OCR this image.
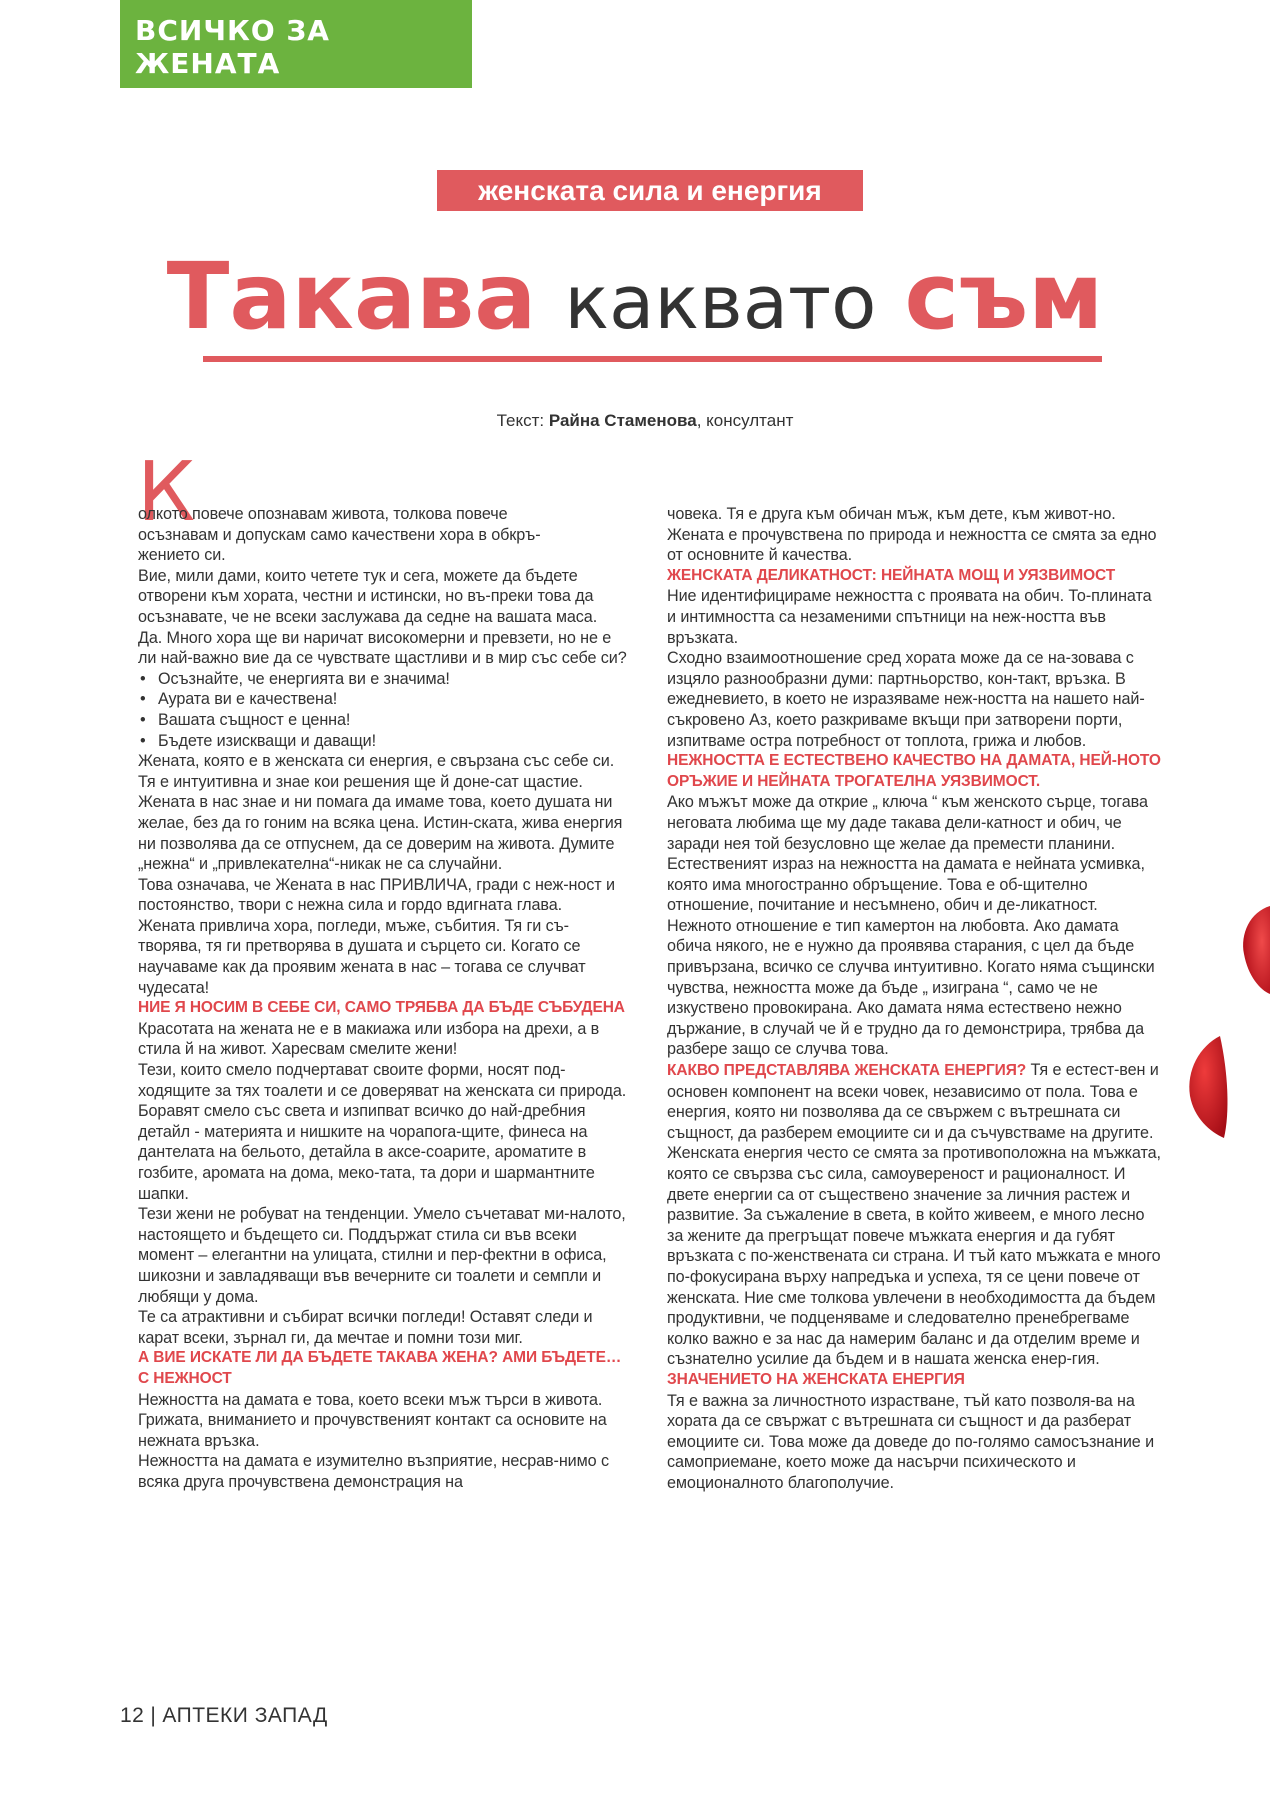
ВСИЧКО ЗА ЖЕНАТА
женската сила и енергия
Такава каквато съм
Текст: Райна Стаменова, консултант
К

олкото повече опознавам живота, толкова повече
осъзнавам и допускам само качествени хора в обкръ-
жението си.

Вие, мили дами, които четете тук и сега, можете да бъдете отворени към хората, честни и истински, но въ-преки това да осъзнавате, че не всеки заслужава да седне на вашата маса.

Да. Много хора ще ви наричат високомерни и превзети, но не е ли най-важно вие да се чувствате щастливи и в мир със себе си?

• Осъзнайте, че енергията ви е значима!
• Аурата ви е качествена!
• Вашата същност е ценна!
• Бъдете изискващи и даващи!

Жената, която е в женската си енергия, е свързана със себе си. Тя е интуитивна и знае кои решения ще й доне-сат щастие.

Жената в нас знае и ни помага да имаме това, което душата ни желае, без да го гоним на всяка цена. Истин-ската, жива енергия ни позволява да се отпуснем, да се доверим на живота. Думите „нежна“ и „привлекателна“-никак не са случайни.

Това означава, че Жената в нас ПРИВЛИЧА, гради с неж-ност и постоянство, твори с нежна сила и гордо вдигната глава.

Жената привлича хора, погледи, мъже, събития. Тя ги съ-творява, тя ги претворява в душата и сърцето си. Когато се научаваме как да проявим жената в нас – тогава се случват чудесата!

НИЕ Я НОСИМ В СЕБЕ СИ, САМО ТРЯБВА ДА БЪДЕ СЪБУДЕНА

Красотата на жената не е в макиажа или избора на дрехи, а в стила й на живот. Харесвам смелите жени!

Тези, които смело подчертават своите форми, носят под-ходящите за тях тоалети и се доверяват на женската си природа. Боравят смело със света и изпипват всичко до най-дребния детайл - материята и нишките на чорапога-щите, финеса на дантелата на бельото, детайла в аксе-соарите, ароматите в гозбите, аромата на дома, меко-тата, та дори и шармантните шапки.

Тези жени не робуват на тенденции. Умело съчетават ми-налото, настоящето и бъдещето си. Поддържат стила си във всеки момент – елегантни на улицата, стилни и пер-фектни в офиса, шикозни и завладяващи във вечерните си тоалети и семпли и любящи у дома.

Те са атрактивни и събират всички погледи! Оставят следи и карат всеки, зърнал ги, да мечтае и помни този миг.

А ВИЕ ИСКАТЕ ЛИ ДА БЪДЕТЕ ТАКАВА ЖЕНА? АМИ БЪДЕТЕ… С НЕЖНОСТ

Нежността на дамата е това, което всеки мъж търси в живота. Грижата, вниманието и прочувственият контакт са основите на нежната връзка.

Нежността на дамата е изумително възприятие, несрав-нимо с всяка друга прочувствена демонстрация на

човека. Тя е друга към обичан мъж, към дете, към живот-но. Жената е прочувствена по природа и нежността се смята за едно от основните й качества.

ЖЕНСКАТА ДЕЛИКАТНОСТ: НЕЙНАТА МОЩ И УЯЗВИМОСТ

Ние идентифицираме нежността с проявата на обич. То-плината и интимността са незаменими спътници на неж-ността във връзката.

Сходно взаимоотношение сред хората може да се на-зовава с изцяло разнообразни думи: партньорство, кон-такт, връзка. В ежедневието, в което не изразяваме неж-ността на нашето най-съкровено Аз, което разкриваме вкъщи при затворени порти, изпитваме остра потребност от топлота, грижа и любов.

НЕЖНОСТТА Е ЕСТЕСТВЕНО КАЧЕСТВО НА ДАМАТА, НЕЙ-НОТО ОРЪЖИЕ И НЕЙНАТА ТРОГАТЕЛНА УЯЗВИМОСТ.

Ако мъжът може да открие „ ключа “ към женското сърце, тогава неговата любима ще му даде такава дели-катност и обич, че заради нея той безусловно ще желае да премести планини.

Естественият израз на нежността на дамата е нейната усмивка, която има многостранно обръщение. Това е об-щително отношение, почитание и несъмнено, обич и де-ликатност.

Нежното отношение е тип камертон на любовта. Ако дамата обича някого, не е нужно да проявява старания, с цел да бъде привързана, всичко се случва интуитивно. Когато няма същински чувства, нежността може да бъде „ изиграна “, само че не изкуствено провокирана. Ако дамата няма естествено нежно държание, в случай че й е трудно да го демонстрира, трябва да разбере защо се случва това.

КАКВО ПРЕДСТАВЛЯВА ЖЕНСКАТА ЕНЕРГИЯ? Тя е естест-вен и основен компонент на всеки човек, независимо от пола. Това е енергия, която ни позволява да се свържем с вътрешната си същност, да разберем емоциите си и да съчувстваме на другите. Женската енергия често се смята за противоположна на мъжката, която се свързва със сила, самоувереност и рационалност. И двете енергии са от съществено значение за личния растеж и развитие. За съжаление в света, в който живеем, е много лесно за жените да прегръщат повече мъжката енергия и да губят връзката с по-женствената си страна. И тъй като мъжката е много по-фокусирана върху напредъка и успеха, тя се цени повече от женската. Ние сме толкова увлечени в необходимостта да бъдем продуктивни, че подценяваме и следователно пренебрегваме колко важно е за нас да намерим баланс и да отделим време и съзнателно усилие да бъдем и в нашата женска енер-гия.

ЗНАЧЕНИЕТО НА ЖЕНСКАТА ЕНЕРГИЯ

Тя е важна за личностното израстване, тъй като позволя-ва на хората да се свържат с вътрешната си същност и да разберат емоциите си. Това може да доведе до по-голямо самосъзнание и самоприемане, което може да насърчи психическото и емоционалното благополучие.

12 | АПТЕКИ ЗАПАД
